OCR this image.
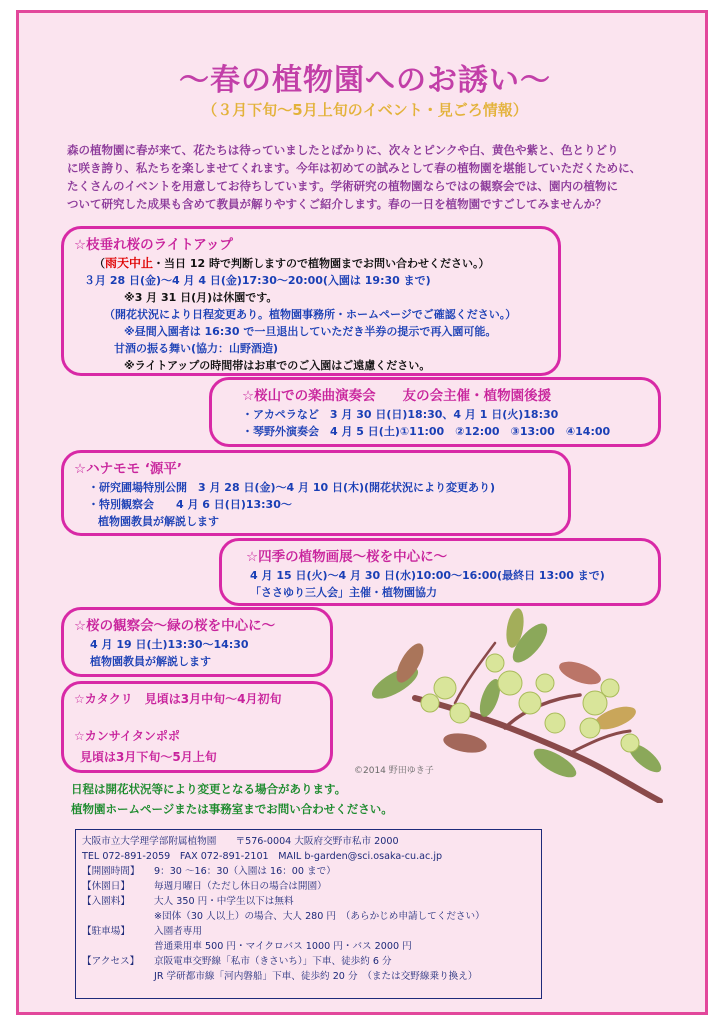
〜春の植物園へのお誘い〜
（３月下旬〜5月上旬のイベント・見ごろ情報）

森の植物園に春が来て、花たちは待っていましたとばかりに、次々とピンクや白、黄色や紫と、色とりどり

に咲き誇り、私たちを楽しませてくれます。今年は初めての試みとして春の植物園を堪能していただくために、

たくさんのイベントを用意してお待ちしています。学術研究の植物園ならではの観察会では、園内の植物に

ついて研究した成果も含めて教員が解りやすくご紹介します。春の一日を植物園ですごしてみませんか？

☆枝垂れ桜のライトアップ
（雨天中止・当日 12 時で判断しますので植物園までお問い合わせください。）
３月 28 日(金)〜4 月 4 日(金)17:30〜20:00(入園は 19:30 まで)
※3 月 31 日(月)は休園です。
（開花状況により日程変更あり。植物園事務所・ホームページでご確認ください。）
※昼間入園者は 16:30 で一旦退出していただき半券の提示で再入園可能。
甘酒の振る舞い(協力：山野酒造)
※ライトアップの時間帯はお車でのご入園はご遠慮ください。
☆桜山での楽曲演奏会　　友の会主催・植物園後援
・アカペラなど　3 月 30 日(日)18:30、4 月 1 日(火)18:30
・琴野外演奏会　4 月 5 日(土)①11:00　②12:00　③13:00　④14:00
☆ハナモモ ‘源平’
・研究圃場特別公開　3 月 28 日(金)〜4 月 10 日(木)(開花状況により変更あり)
・特別観察会　　4 月 6 日(日)13:30〜
植物園教員が解説します
☆四季の植物画展〜桜を中心に〜
4 月 15 日(火)〜4 月 30 日(水)10:00〜16:00(最終日 13:00 まで)
「ささゆり三人会」主催・植物園協力
☆桜の観察会〜緑の桜を中心に〜
4 月 19 日(土)13:30〜14:30
植物園教員が解説します
☆カタクリ　見頃は3月中旬〜4月初旬
☆カンサイタンポポ
見頃は3月下旬〜5月上旬
©2014 野田ゆき子
日程は開花状況等により変更となる場合があります。
植物園ホームページまたは事務室までお問い合わせください。
大阪市立大学理学部附属植物園　　〒576-0004 大阪府交野市私市 2000
TEL 072-891-2059　FAX 072-891-2101　MAIL b-garden@sci.osaka-cu.ac.jp
【開園時間】	9：30 〜16：30（入園は 16：00 まで）
【休園日】	毎週月曜日（ただし休日の場合は開園）
【入園料】	大人 350 円・中学生以下は無料
※団体（30 人以上）の場合、大人 280 円　（あらかじめ申請してください）
【駐車場】	入園者専用
普通乗用車 500 円・マイクロバス 1000 円・バス 2000 円
【アクセス】	京阪電車交野線「私市（きさいち）」下車、徒歩約 6 分
JR 学研都市線「河内磐船」下車、徒歩約 20 分　（または交野線乗り換え）
